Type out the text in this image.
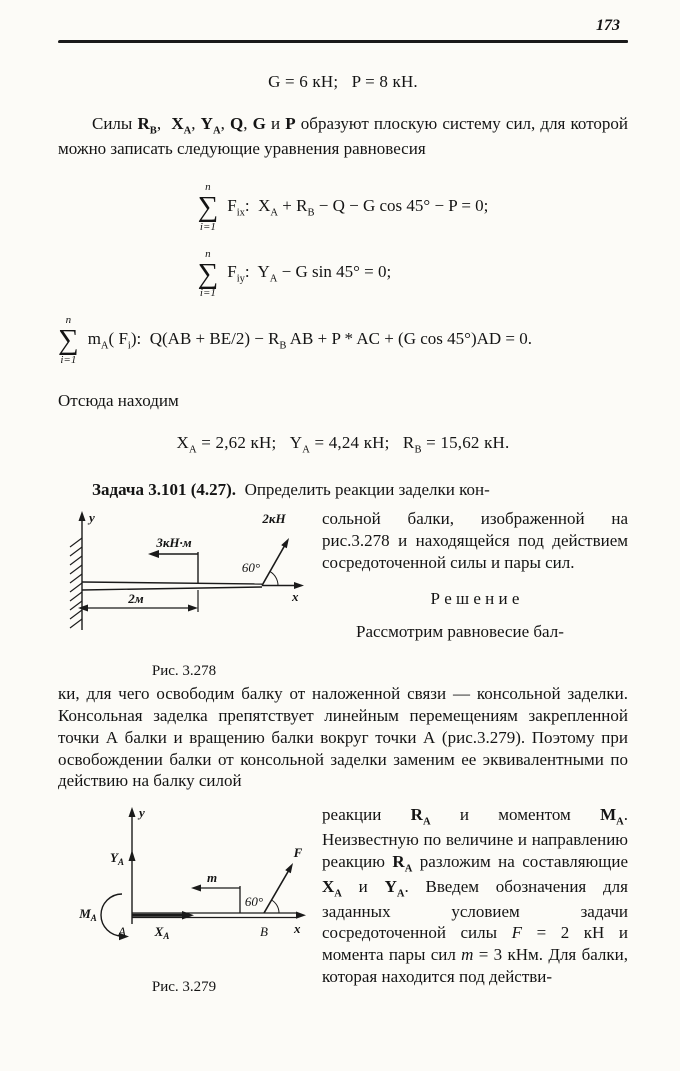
173
G = 6 кН;   P = 8 кН.

Силы $R_B$,  $X_A$, $Y_A$, Q, G и P образуют плоскую систему сил, для которой можно записать следующие уравнения равновесия

n
∑
i=1
$F_{ix}$:  $X_A + R_B - Q - G$ cos 45° − P = 0;
n
∑
i=1
$F_{iy}$:  $Y_A - G$ sin 45° = 0;
n
∑
i=1
$m_A$( $F_i$):  $Q(AB + BE/2) - R_B$ AB + P * AC + (G cos 45°)AD = 0.

Отсюда находим

$X_A = 2,62$ кН;   $Y_A = 4,24$ кН;   $R_B = 15,62$ кН.

Задача 3.101 (4.27).  Определить реакции заделки кон-

y
3кН·м
2кН
60°
x
2м
Рис. 3.278

сольной балки, изображенной на рис.3.278 и находящейся под действием сосредоточенной силы и пары сил.

Р е ш е н и е

Рассмотрим равновесие бал-

ки, для чего освободим балку от наложенной связи — консольной заделки. Консольная заделка препятствует линейным перемещениям закрепленной точки А балки и вращению балки вокруг точки А (рис.3.279). Поэтому при освобождении балки от консольной заделки заменим ее эквивалентными по действию на балку силой

y
$Y_A$
$M_A$
$X_A$
A	B
m
F
60°
x
Рис. 3.279

реакции $R_A$ и моментом $M_A$. Неизвестную по величине и направлению реакцию $R_A$ разложим на составляющие $X_A$ и $Y_A$. Введем обозначения для заданных условием задачи сосредоточенной силы F = 2 кН и момента пары сил m = 3 кНм. Для балки, которая находится под действи-
